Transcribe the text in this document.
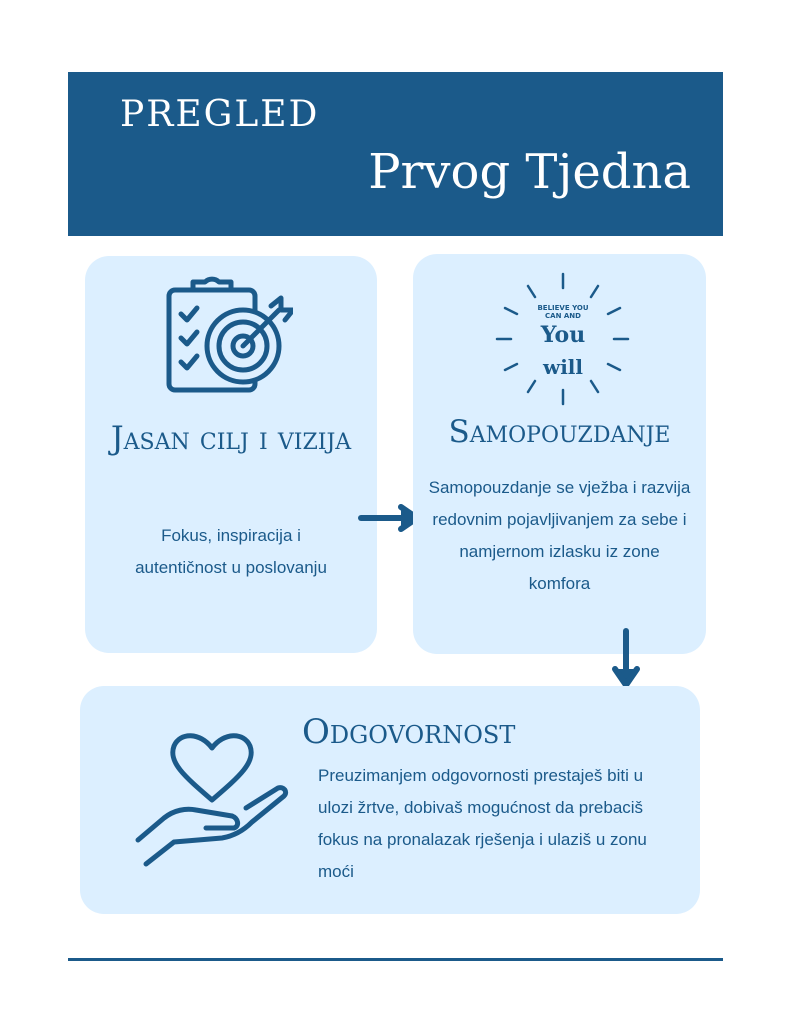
PREGLED
Prvog Tjedna
Jasan cilj i vizija
Fokus, inspiracija i autentičnost u poslovanju
BELIEVE YOU
CAN AND
You
will
Samopouzdanje
Samopouzdanje se vježba i razvija redovnim pojavljivanjem za sebe i namjernom izlasku iz zone komfora
Odgovornost
Preuzimanjem odgovornosti prestaješ biti u ulozi žrtve, dobivaš mogućnost da prebaciš fokus na pronalazak rješenja i ulaziš u zonu moći
